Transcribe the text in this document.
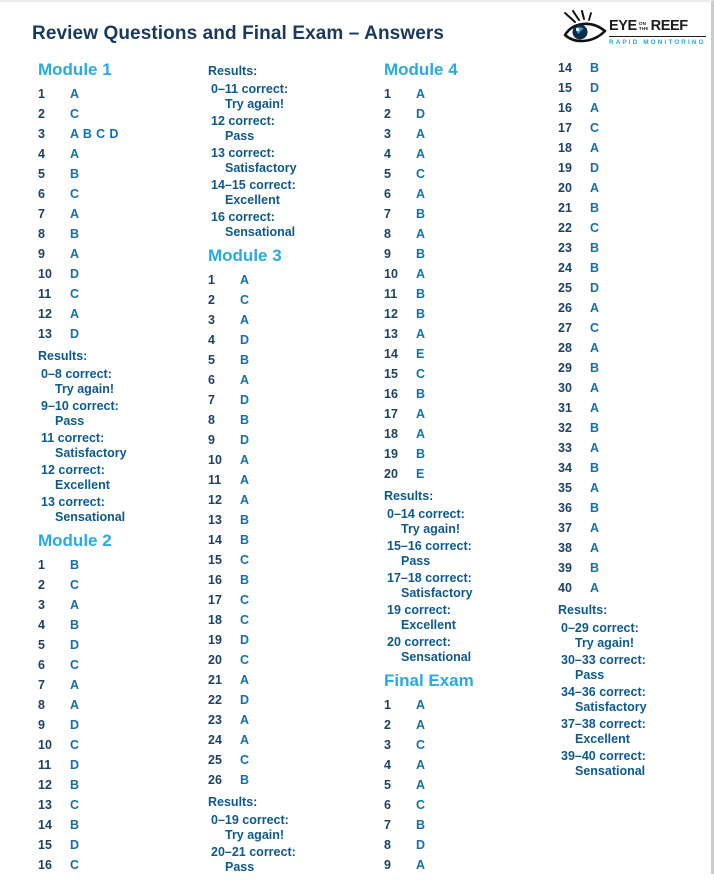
Review Questions and Final Exam – Answers	EYE ON
THE REEF
RAPID MONITORING
Module 1
1	A
2	C
3	A B C D
4	A
5	B
6	C
7	A
8	B
9	A
10	D
11	C
12	A
13	D
Results:
0–8 correct:
Try again!
9–10 correct:
Pass
11 correct:
Satisfactory
12 correct:
Excellent
13 correct:
Sensational
Module 2
1	B
2	C
3	A
4	B
5	D
6	C
7	A
8	A
9	D
10	C
11	D
12	B
13	C
14	B
15	D
16	C
Results:
0–11 correct:
Try again!
12 correct:
Pass
13 correct:
Satisfactory
14–15 correct:
Excellent
16 correct:
Sensational
Module 3
1	A
2	C
3	A
4	D
5	B
6	A
7	D
8	B
9	D
10	A
11	A
12	A
13	B
14	B
15	C
16	B
17	C
18	C
19	D
20	C
21	A
22	D
23	A
24	A
25	C
26	B
Results:
0–19 correct:
Try again!
20–21 correct:
Pass
Module 4
1	A
2	D
3	A
4	A
5	C
6	A
7	B
8	A
9	B
10	A
11	B
12	B
13	A
14	E
15	C
16	B
17	A
18	A
19	B
20	E
Results:
0–14 correct:
Try again!
15–16 correct:
Pass
17–18 correct:
Satisfactory
19 correct:
Excellent
20 correct:
Sensational
Final Exam
1	A
2	A
3	C
4	A
5	A
6	C
7	B
8	D
9	A
14	B
15	D
16	A
17	C
18	A
19	D
20	A
21	B
22	C
23	B
24	B
25	D
26	A
27	C
28	A
29	B
30	A
31	A
32	B
33	A
34	B
35	A
36	B
37	A
38	A
39	B
40	A
Results:
0–29 correct:
Try again!
30–33 correct:
Pass
34–36 correct:
Satisfactory
37–38 correct:
Excellent
39–40 correct:
Sensational
